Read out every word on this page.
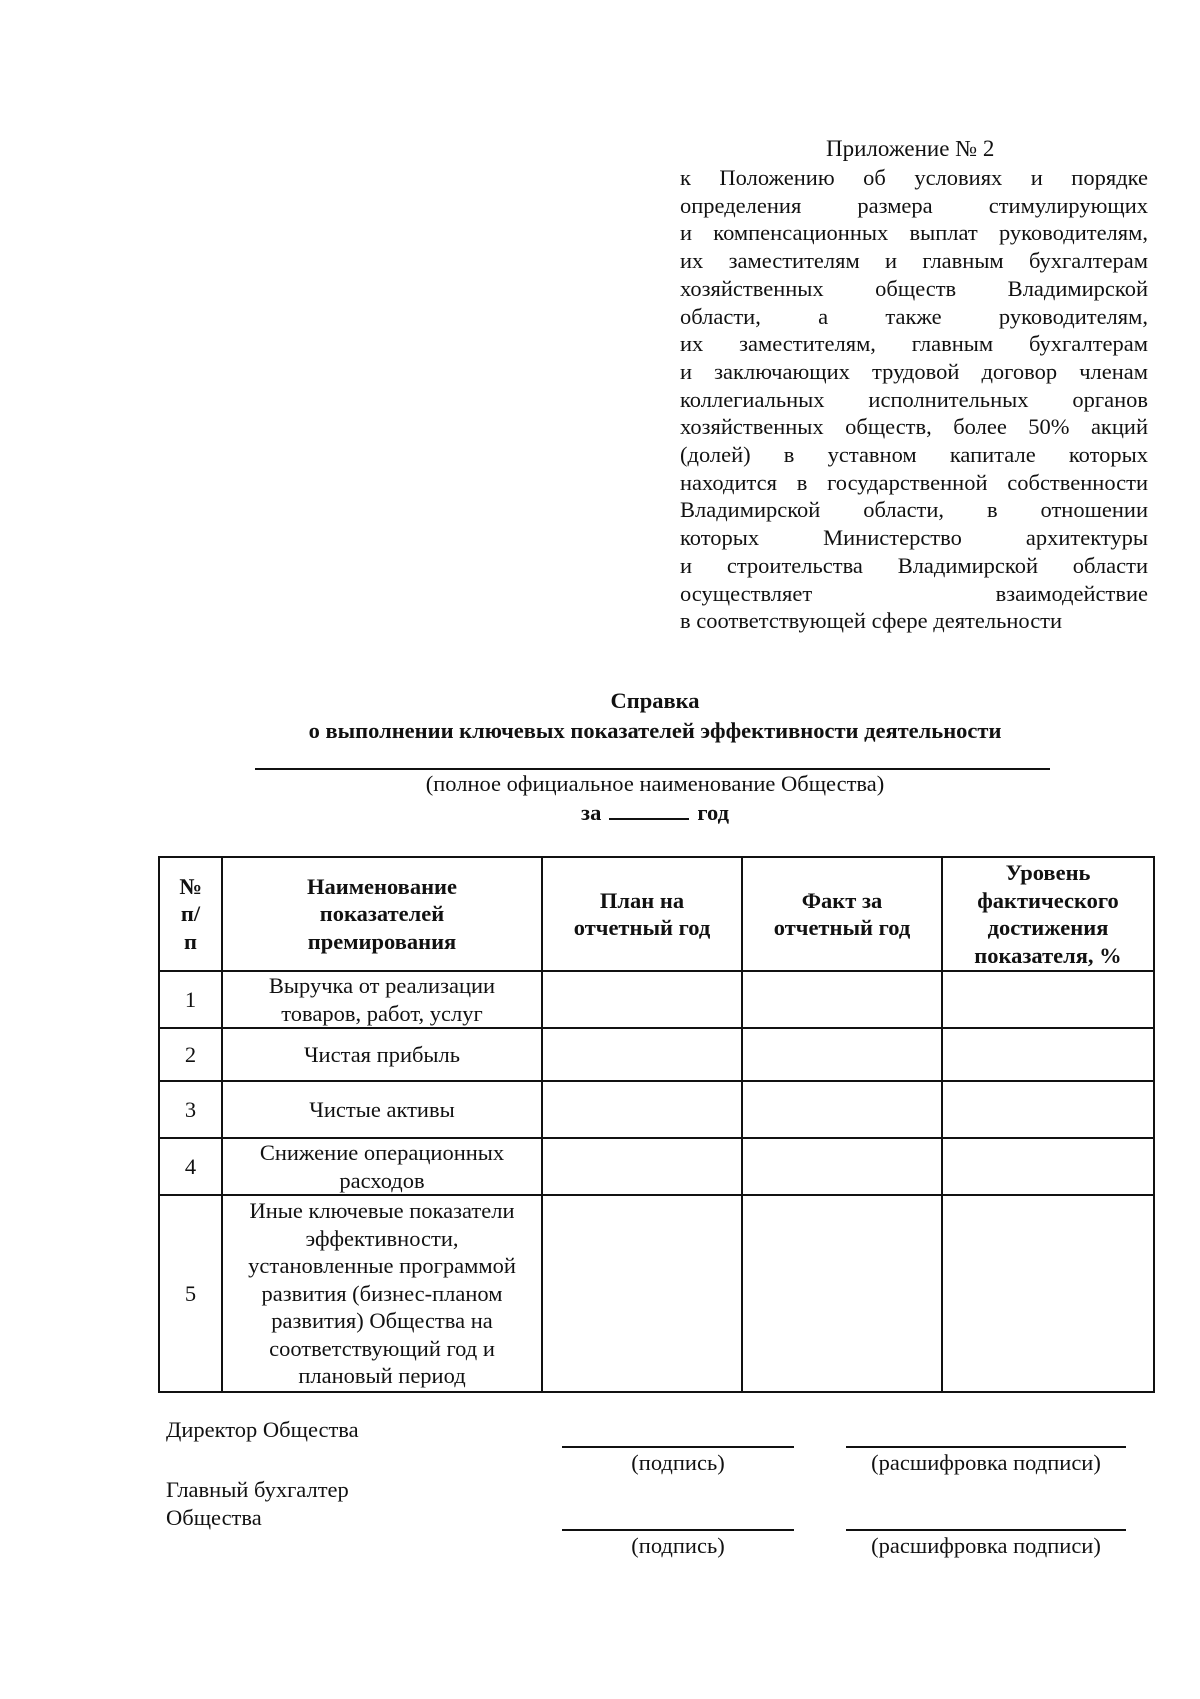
Приложение № 2
к Положению об условиях и порядке
определения размера стимулирующих
и компенсационных выплат руководителям,
их заместителям и главным бухгалтерам
хозяйственных обществ Владимирской
области, а также руководителям,
их заместителям, главным бухгалтерам
и заключающих трудовой договор членам
коллегиальных исполнительных органов
хозяйственных обществ, более 50% акций
(долей) в уставном капитале которых
находится в государственной собственности
Владимирской области, в отношении
которых Министерство архитектуры
и строительства Владимирской области
осуществляет взаимодействие
в соответствующей сфере деятельности
Справка
о выполнении ключевых показателей эффективности деятельности
(полное официальное наименование Общества)
за	год
№ п/п	Наименование показателей премирования	План на отчетный год	Факт за отчетный год	Уровень фактического достижения показателя, %
1	Выручка от реализации товаров, работ, услуг			
2	Чистая прибыль			
3	Чистые активы			
4	Снижение операционных расходов			
5	Иные ключевые показатели эффективности, установленные программой развития (бизнес-планом развития) Общества на соответствующий год и плановый период			
Директор Общества
(подпись)	(расшифровка подписи)
Главный бухгалтер
Общества
(подпись)	(расшифровка подписи)
